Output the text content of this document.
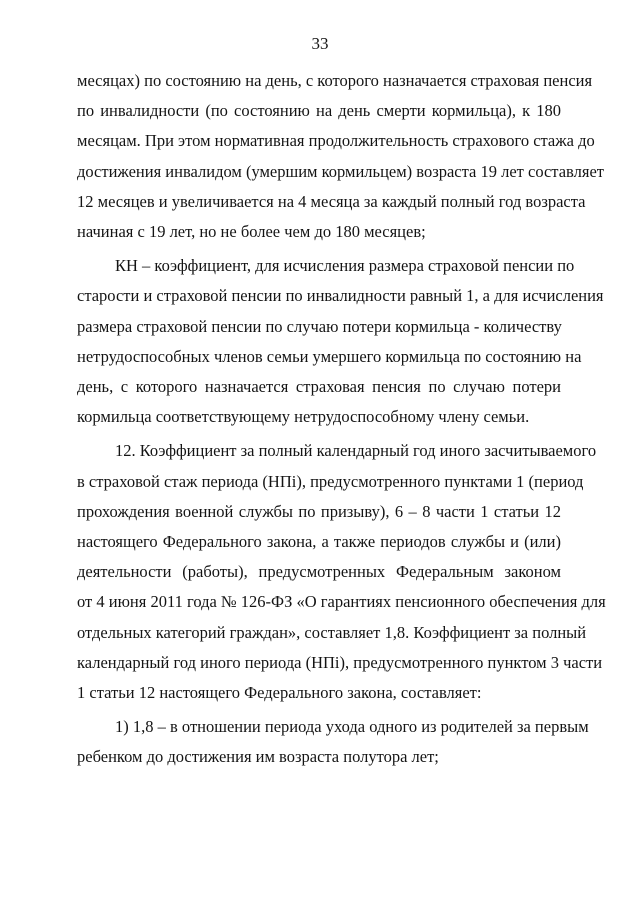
33

месяцах) по состоянию на день, с которого назначается страховая пенсия
по инвалидности (по состоянию на день смерти кормильца), к 180
месяцам. При этом нормативная продолжительность страхового стажа до
достижения инвалидом (умершим кормильцем) возраста 19 лет составляет
12 месяцев и увеличивается на 4 месяца за каждый полный год возраста
начиная с 19 лет, но не более чем до 180 месяцев;

КН – коэффициент, для исчисления размера страховой пенсии по
старости и страховой пенсии по инвалидности равный 1, а для исчисления
размера страховой пенсии по случаю потери кормильца - количеству
нетрудоспособных членов семьи умершего кормильца по состоянию на
день, с которого назначается страховая пенсия по случаю потери
кормильца соответствующему нетрудоспособному члену семьи.

12. Коэффициент за полный календарный год иного засчитываемого
в страховой стаж периода (НПi), предусмотренного пунктами 1 (период
прохождения военной службы по призыву), 6 – 8 части 1 статьи 12
настоящего Федерального закона, а также периодов службы и (или)
деятельности (работы), предусмотренных Федеральным законом
от 4 июня 2011 года № 126-ФЗ «О гарантиях пенсионного обеспечения для
отдельных категорий граждан», составляет 1,8. Коэффициент за полный
календарный год иного периода (НПi), предусмотренного пунктом 3 части
1 статьи 12 настоящего Федерального закона, составляет:

1) 1,8 – в отношении периода ухода одного из родителей за первым
ребенком до достижения им возраста полутора лет;
